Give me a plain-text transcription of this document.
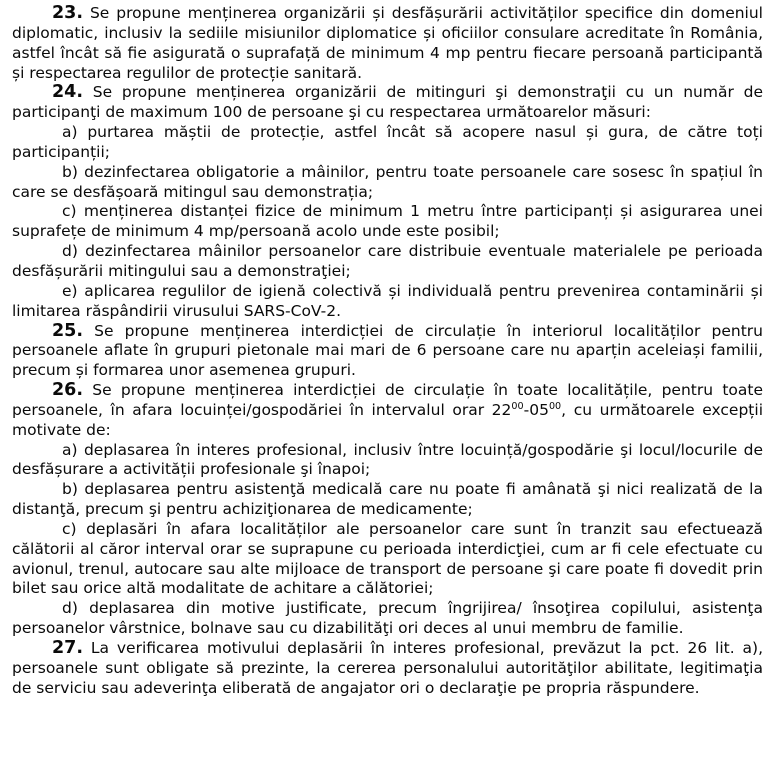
23. Se propune menținerea organizării și desfășurării activităților specifice din domeniul diplomatic, inclusiv la sediile misiunilor diplomatice și oficiilor consulare acreditate în România, astfel încât să fie asigurată o suprafață de minimum 4 mp pentru fiecare persoană participantă și respectarea regulilor de protecție sanitară.

24. Se propune menținerea organizării de mitinguri şi demonstraţii cu un număr de participanţi de maximum 100 de persoane şi cu respectarea următoarelor măsuri:

a) purtarea măștii de protecție, astfel încât să acopere nasul și gura, de către toți participanții;

b) dezinfectarea obligatorie a mâinilor, pentru toate persoanele care sosesc în spațiul în care se desfășoară mitingul sau demonstrația;

c) menținerea distanței fizice de minimum 1 metru între participanți și asigurarea unei suprafețe de minimum 4 mp/persoană acolo unde este posibil;

d) dezinfectarea mâinilor persoanelor care distribuie eventuale materialele pe perioada desfășurării mitingului sau a demonstraţiei;

e) aplicarea regulilor de igienă colectivă și individuală pentru prevenirea contaminării și limitarea răspândirii virusului SARS-CoV-2.

25. Se propune menținerea interdicției de circulație în interiorul localităților pentru persoanele aflate în grupuri pietonale mai mari de 6 persoane care nu aparțin aceleiași familii, precum și formarea unor asemenea grupuri.

26. Se propune menținerea interdicției de circulație în toate localitățile, pentru toate persoanele, în afara locuinței/gospodăriei în intervalul orar $22^{00}-05^{00}$, cu următoarele excepții motivate de:

a) deplasarea în interes profesional, inclusiv între locuință/gospodărie şi locul/locurile de desfășurare a activității profesionale şi înapoi;

b) deplasarea pentru asistenţă medicală care nu poate fi amânată şi nici realizată de la distanţă, precum şi pentru achiziţionarea de medicamente;

c) deplasări în afara localităților ale persoanelor care sunt în tranzit sau efectuează călătorii al căror interval orar se suprapune cu perioada interdicţiei, cum ar fi cele efectuate cu avionul, trenul, autocare sau alte mijloace de transport de persoane şi care poate fi dovedit prin bilet sau orice altă modalitate de achitare a călătoriei;

d) deplasarea din motive justificate, precum îngrijirea/ însoţirea copilului, asistenţa persoanelor vârstnice, bolnave sau cu dizabilităţi ori deces al unui membru de familie.

27. La verificarea motivului deplasării în interes profesional, prevăzut la pct. 26 lit. a), persoanele sunt obligate să prezinte, la cererea personalului autorităţilor abilitate, legitimaţia de serviciu sau adeverinţa eliberată de angajator ori o declaraţie pe propria răspundere.
